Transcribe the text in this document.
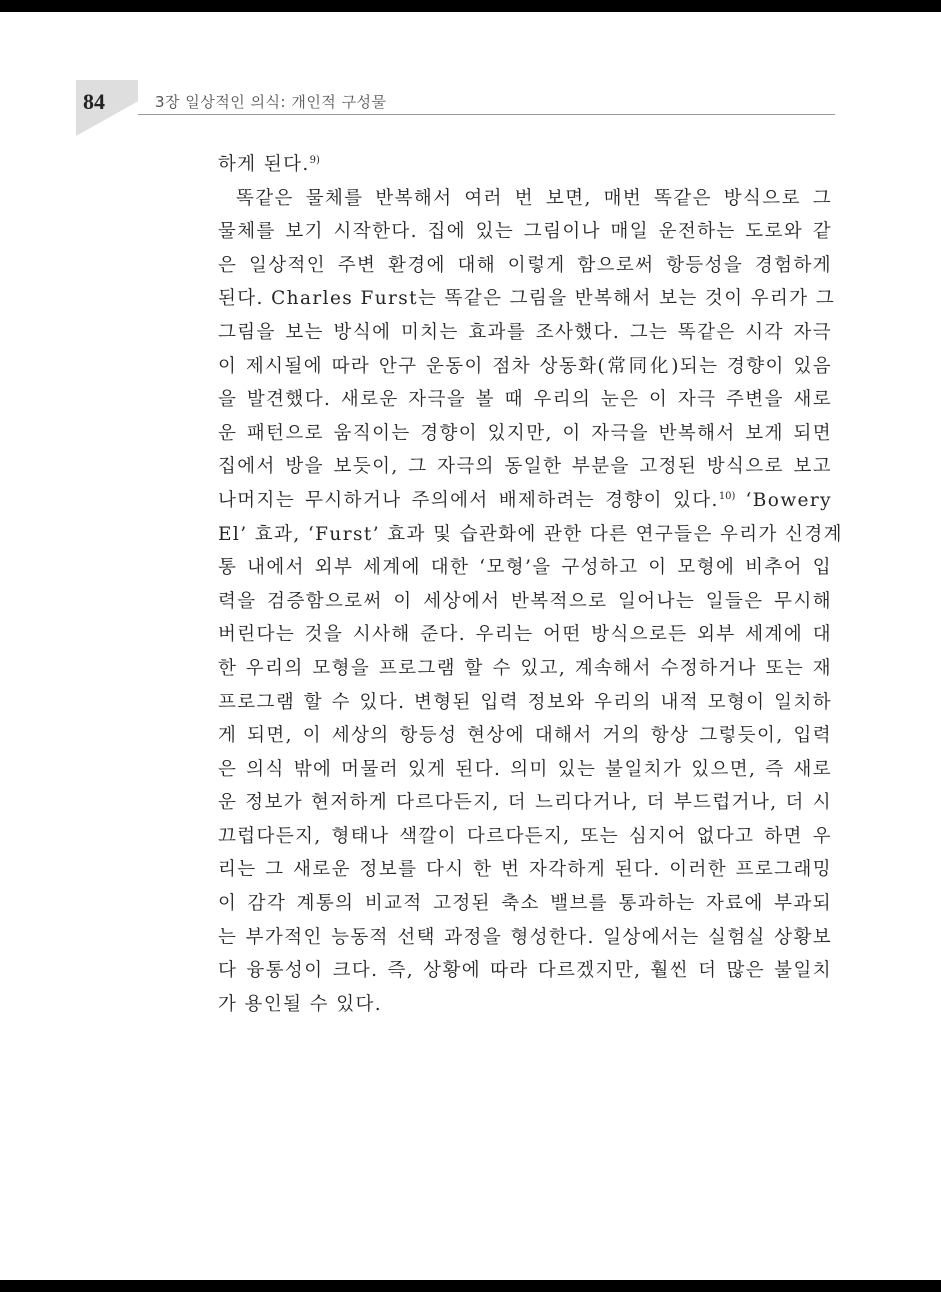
84	3장 일상적인 의식: 개인적 구성물
하게 된다.$^{9)}$
똑같은 물체를 반복해서 여러 번 보면, 매번 똑같은 방식으로 그
물체를 보기 시작한다. 집에 있는 그림이나 매일 운전하는 도로와 같
은 일상적인 주변 환경에 대해 이렇게 함으로써 항등성을 경험하게
된다. Charles Furst는 똑같은 그림을 반복해서 보는 것이 우리가 그
그림을 보는 방식에 미치는 효과를 조사했다. 그는 똑같은 시각 자극
이 제시될에 따라 안구 운동이 점차 상동화(常同化)되는 경향이 있음
을 발견했다. 새로운 자극을 볼 때 우리의 눈은 이 자극 주변을 새로
운 패턴으로 움직이는 경향이 있지만, 이 자극을 반복해서 보게 되면
집에서 방을 보듯이, 그 자극의 동일한 부분을 고정된 방식으로 보고
나머지는 무시하거나 주의에서 배제하려는 경향이 있다.$^{10)}$ ‘Bowery
El’ 효과, ‘Furst’ 효과 및 습관화에 관한 다른 연구들은 우리가 신경계
통 내에서 외부 세계에 대한 ‘모형’을 구성하고 이 모형에 비추어 입
력을 검증함으로써 이 세상에서 반복적으로 일어나는 일들은 무시해
버린다는 것을 시사해 준다. 우리는 어떤 방식으로든 외부 세계에 대
한 우리의 모형을 프로그램 할 수 있고, 계속해서 수정하거나 또는 재
프로그램 할 수 있다. 변형된 입력 정보와 우리의 내적 모형이 일치하
게 되면, 이 세상의 항등성 현상에 대해서 거의 항상 그렇듯이, 입력
은 의식 밖에 머물러 있게 된다. 의미 있는 불일치가 있으면, 즉 새로
운 정보가 현저하게 다르다든지, 더 느리다거나, 더 부드럽거나, 더 시
끄럽다든지, 형태나 색깔이 다르다든지, 또는 심지어 없다고 하면 우
리는 그 새로운 정보를 다시 한 번 자각하게 된다. 이러한 프로그래밍
이 감각 계통의 비교적 고정된 축소 밸브를 통과하는 자료에 부과되
는 부가적인 능동적 선택 과정을 형성한다. 일상에서는 실험실 상황보
다 융통성이 크다. 즉, 상황에 따라 다르겠지만, 훨씬 더 많은 불일치
가 용인될 수 있다.
